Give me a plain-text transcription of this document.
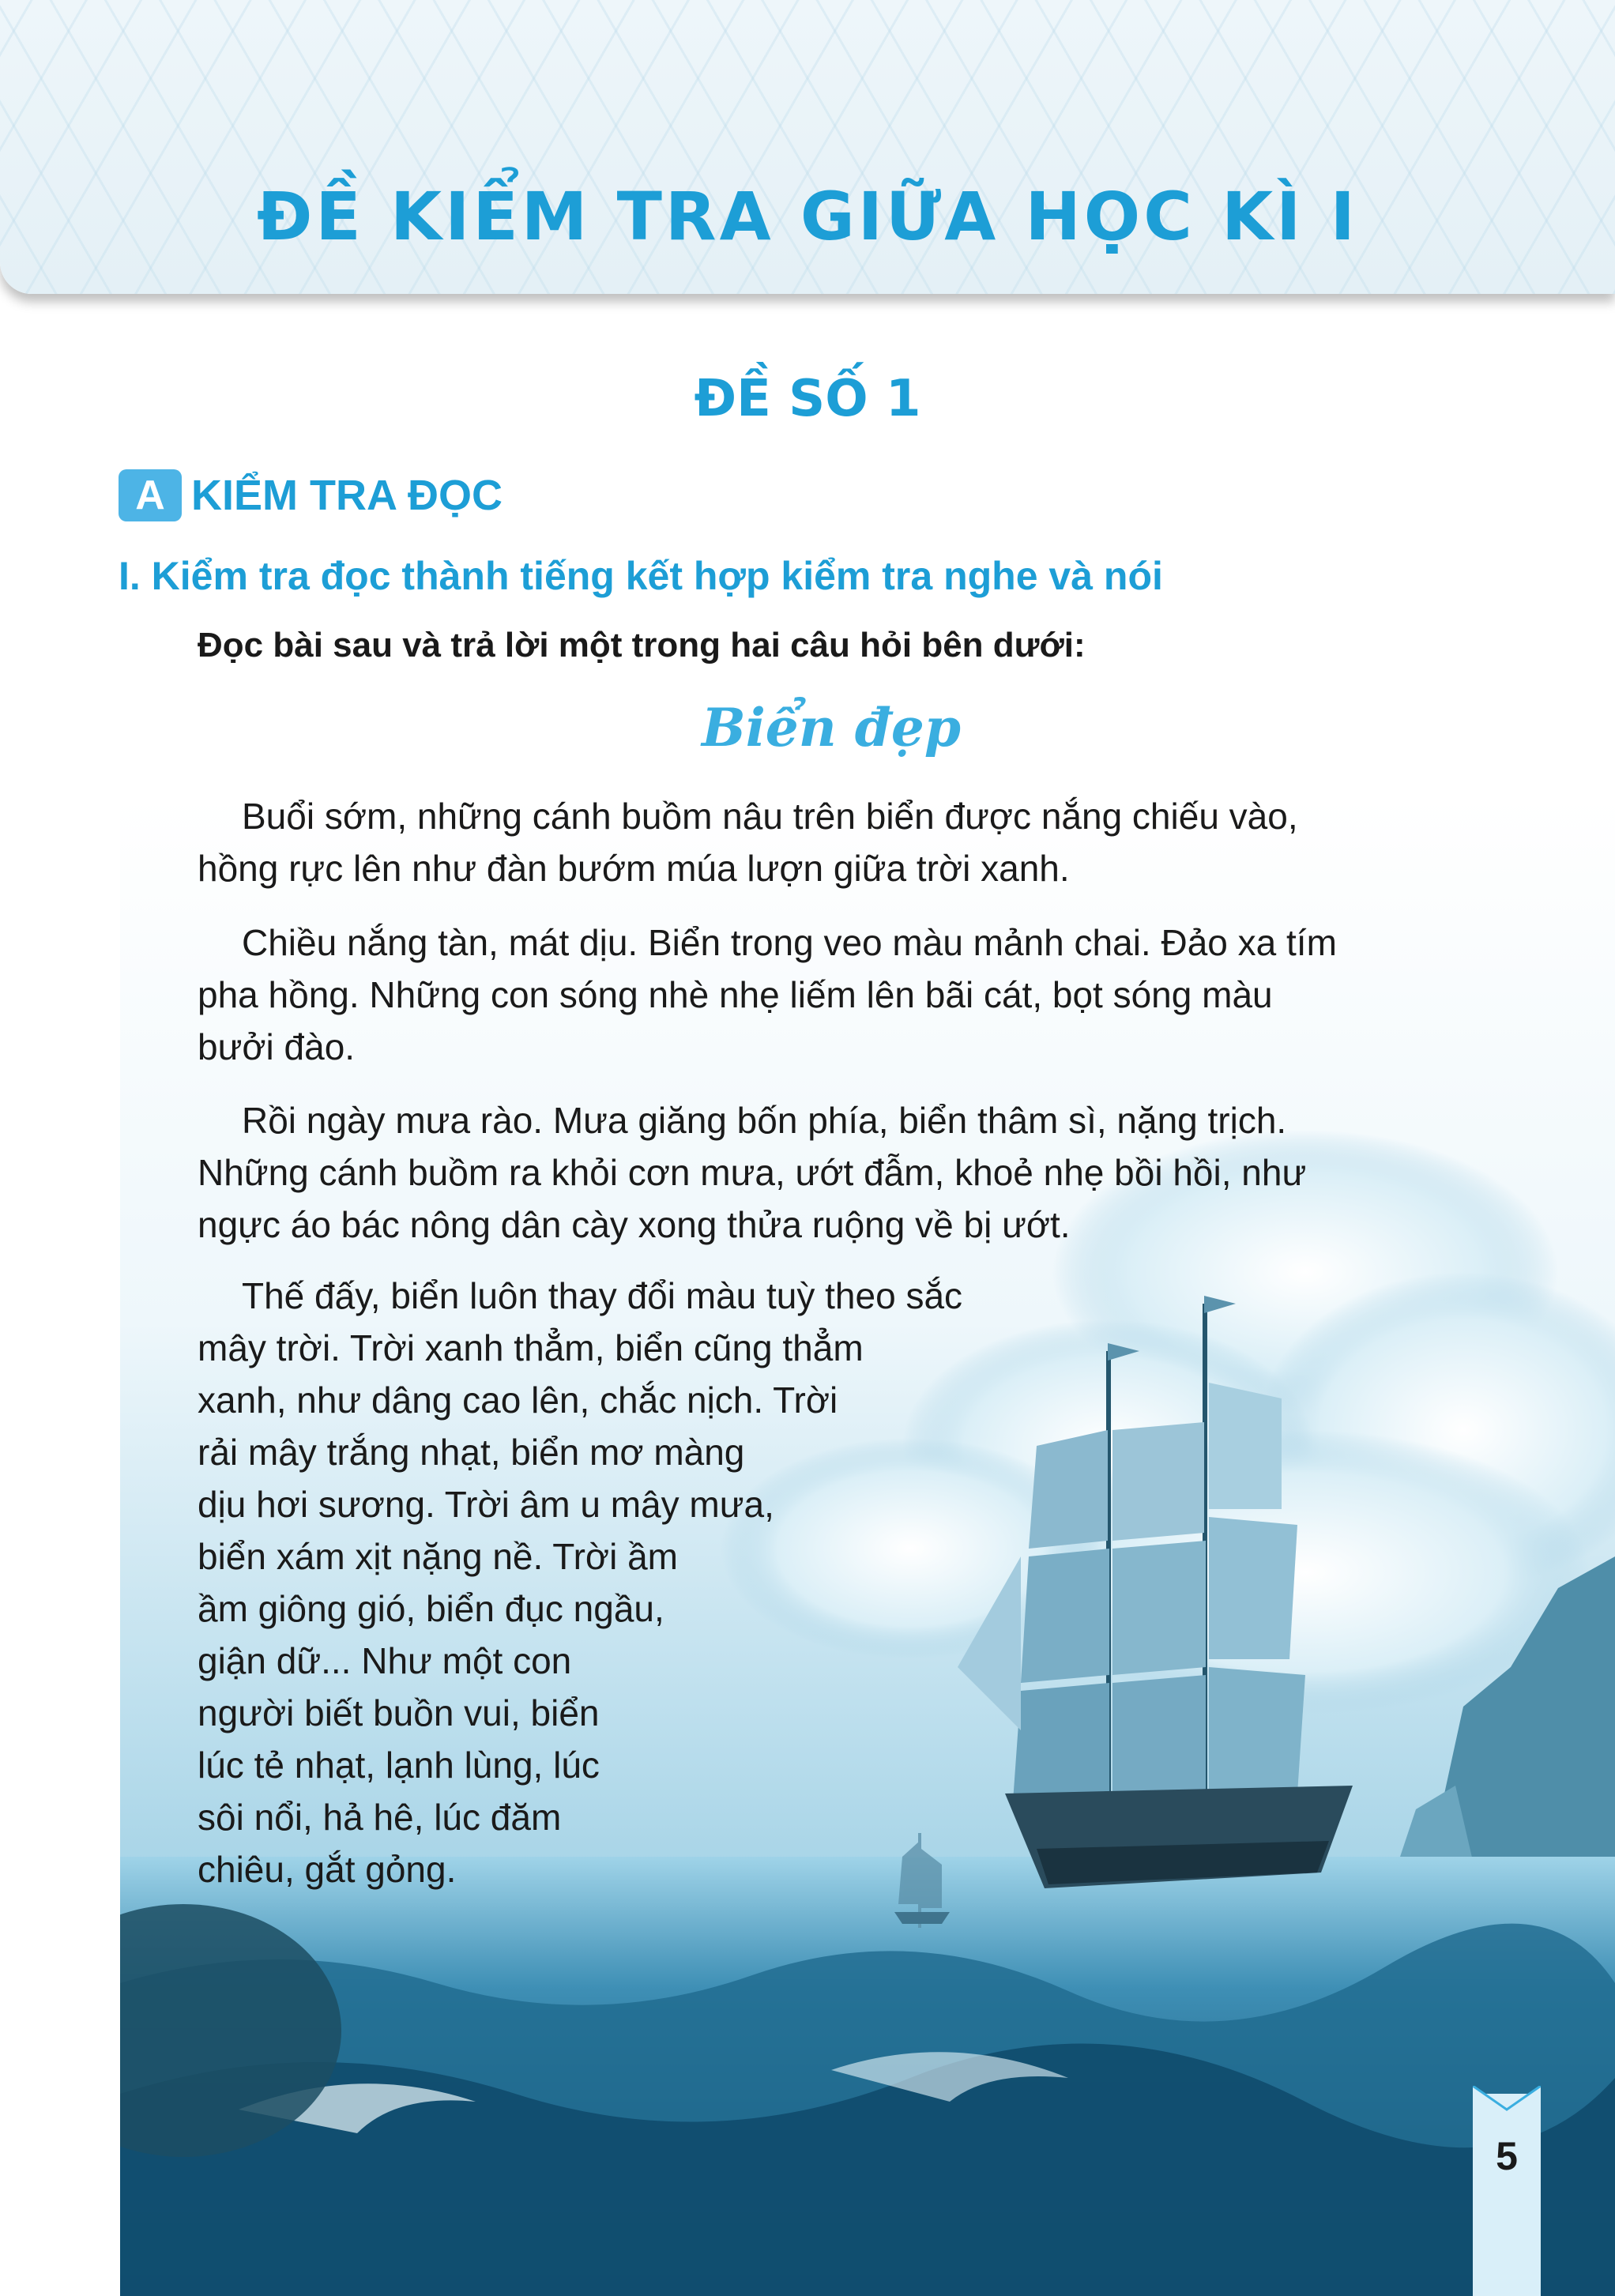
ĐỀ KIỂM TRA GIỮA HỌC KÌ I
ĐỀ SỐ 1
A KIỂM TRA ĐỌC
I. Kiểm tra đọc thành tiếng kết hợp kiểm tra nghe và nói
Đọc bài sau và trả lời một trong hai câu hỏi bên dưới:

Buổi sớm, những cánh buồm nâu trên biển được nắng chiếu vào,

hồng rực lên như đàn bướm múa lượn giữa trời xanh.

Chiều nắng tàn, mát dịu. Biển trong veo màu mảnh chai. Đảo xa tím

pha hồng. Những con sóng nhè nhẹ liếm lên bãi cát, bọt sóng màu

bưởi đào.

Rồi ngày mưa rào. Mưa giăng bốn phía, biển thâm sì, nặng trịch.

Những cánh buồm ra khỏi cơn mưa, ướt đẫm, khoẻ nhẹ bồi hồi, như

ngực áo bác nông dân cày xong thửa ruộng về bị ướt.

Thế đấy, biển luôn thay đổi màu tuỳ theo sắc

mây trời. Trời xanh thẳm, biển cũng thẳm

xanh, như dâng cao lên, chắc nịch. Trời

rải mây trắng nhạt, biển mơ màng

dịu hơi sương. Trời âm u mây mưa,

biển xám xịt nặng nề. Trời ầm

ầm giông gió, biển đục ngầu,

giận dữ... Như một con

người biết buồn vui, biển

lúc tẻ nhạt, lạnh lùng, lúc

sôi nổi, hả hê, lúc đăm

chiêu, gắt gỏng.

Biển đẹp
5
